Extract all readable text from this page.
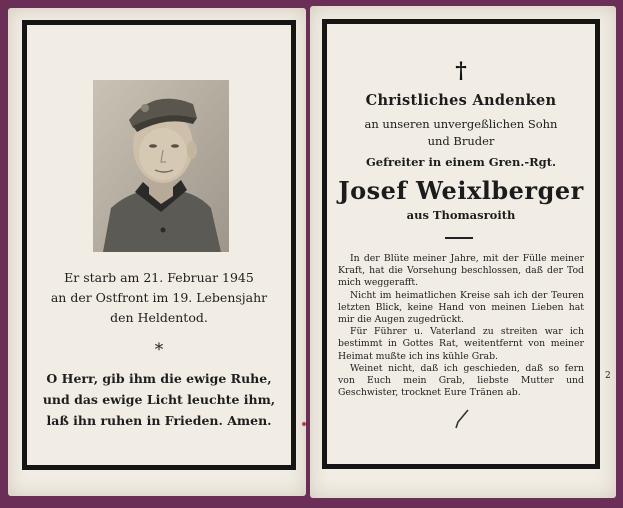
Er starb am 21. Februar 1945
an der Ostfront im 19. Lebensjahr
den Heldentod.
*
O Herr, gib ihm die ewige Ruhe,
und das ewige Licht leuchte ihm,
laß ihn ruhen in Frieden. Amen.
†
Christliches Andenken
an unseren unvergeßlichen Sohn
und Bruder
Gefreiter in einem Gren.-Rgt.
Josef Weixlberger
aus Thomasroith

In der Blüte meiner Jahre, mit der Fülle meiner Kraft, hat die Vorsehung beschlossen, daß der Tod mich weggerafft.

Nicht im heimatlichen Kreise sah ich der Teuren letzten Blick, keine Hand von meinen Lieben hat mir die Augen zugedrückt.

Für Führer u. Vaterland zu streiten war ich bestimmt in Gottes Rat, weitentfernt von meiner Heimat mußte ich ins kühle Grab.

Weinet nicht, daß ich geschieden, daß so fern von Euch mein Grab, liebste Mutter und Geschwister, trocknet Eure Tränen ab.

2
